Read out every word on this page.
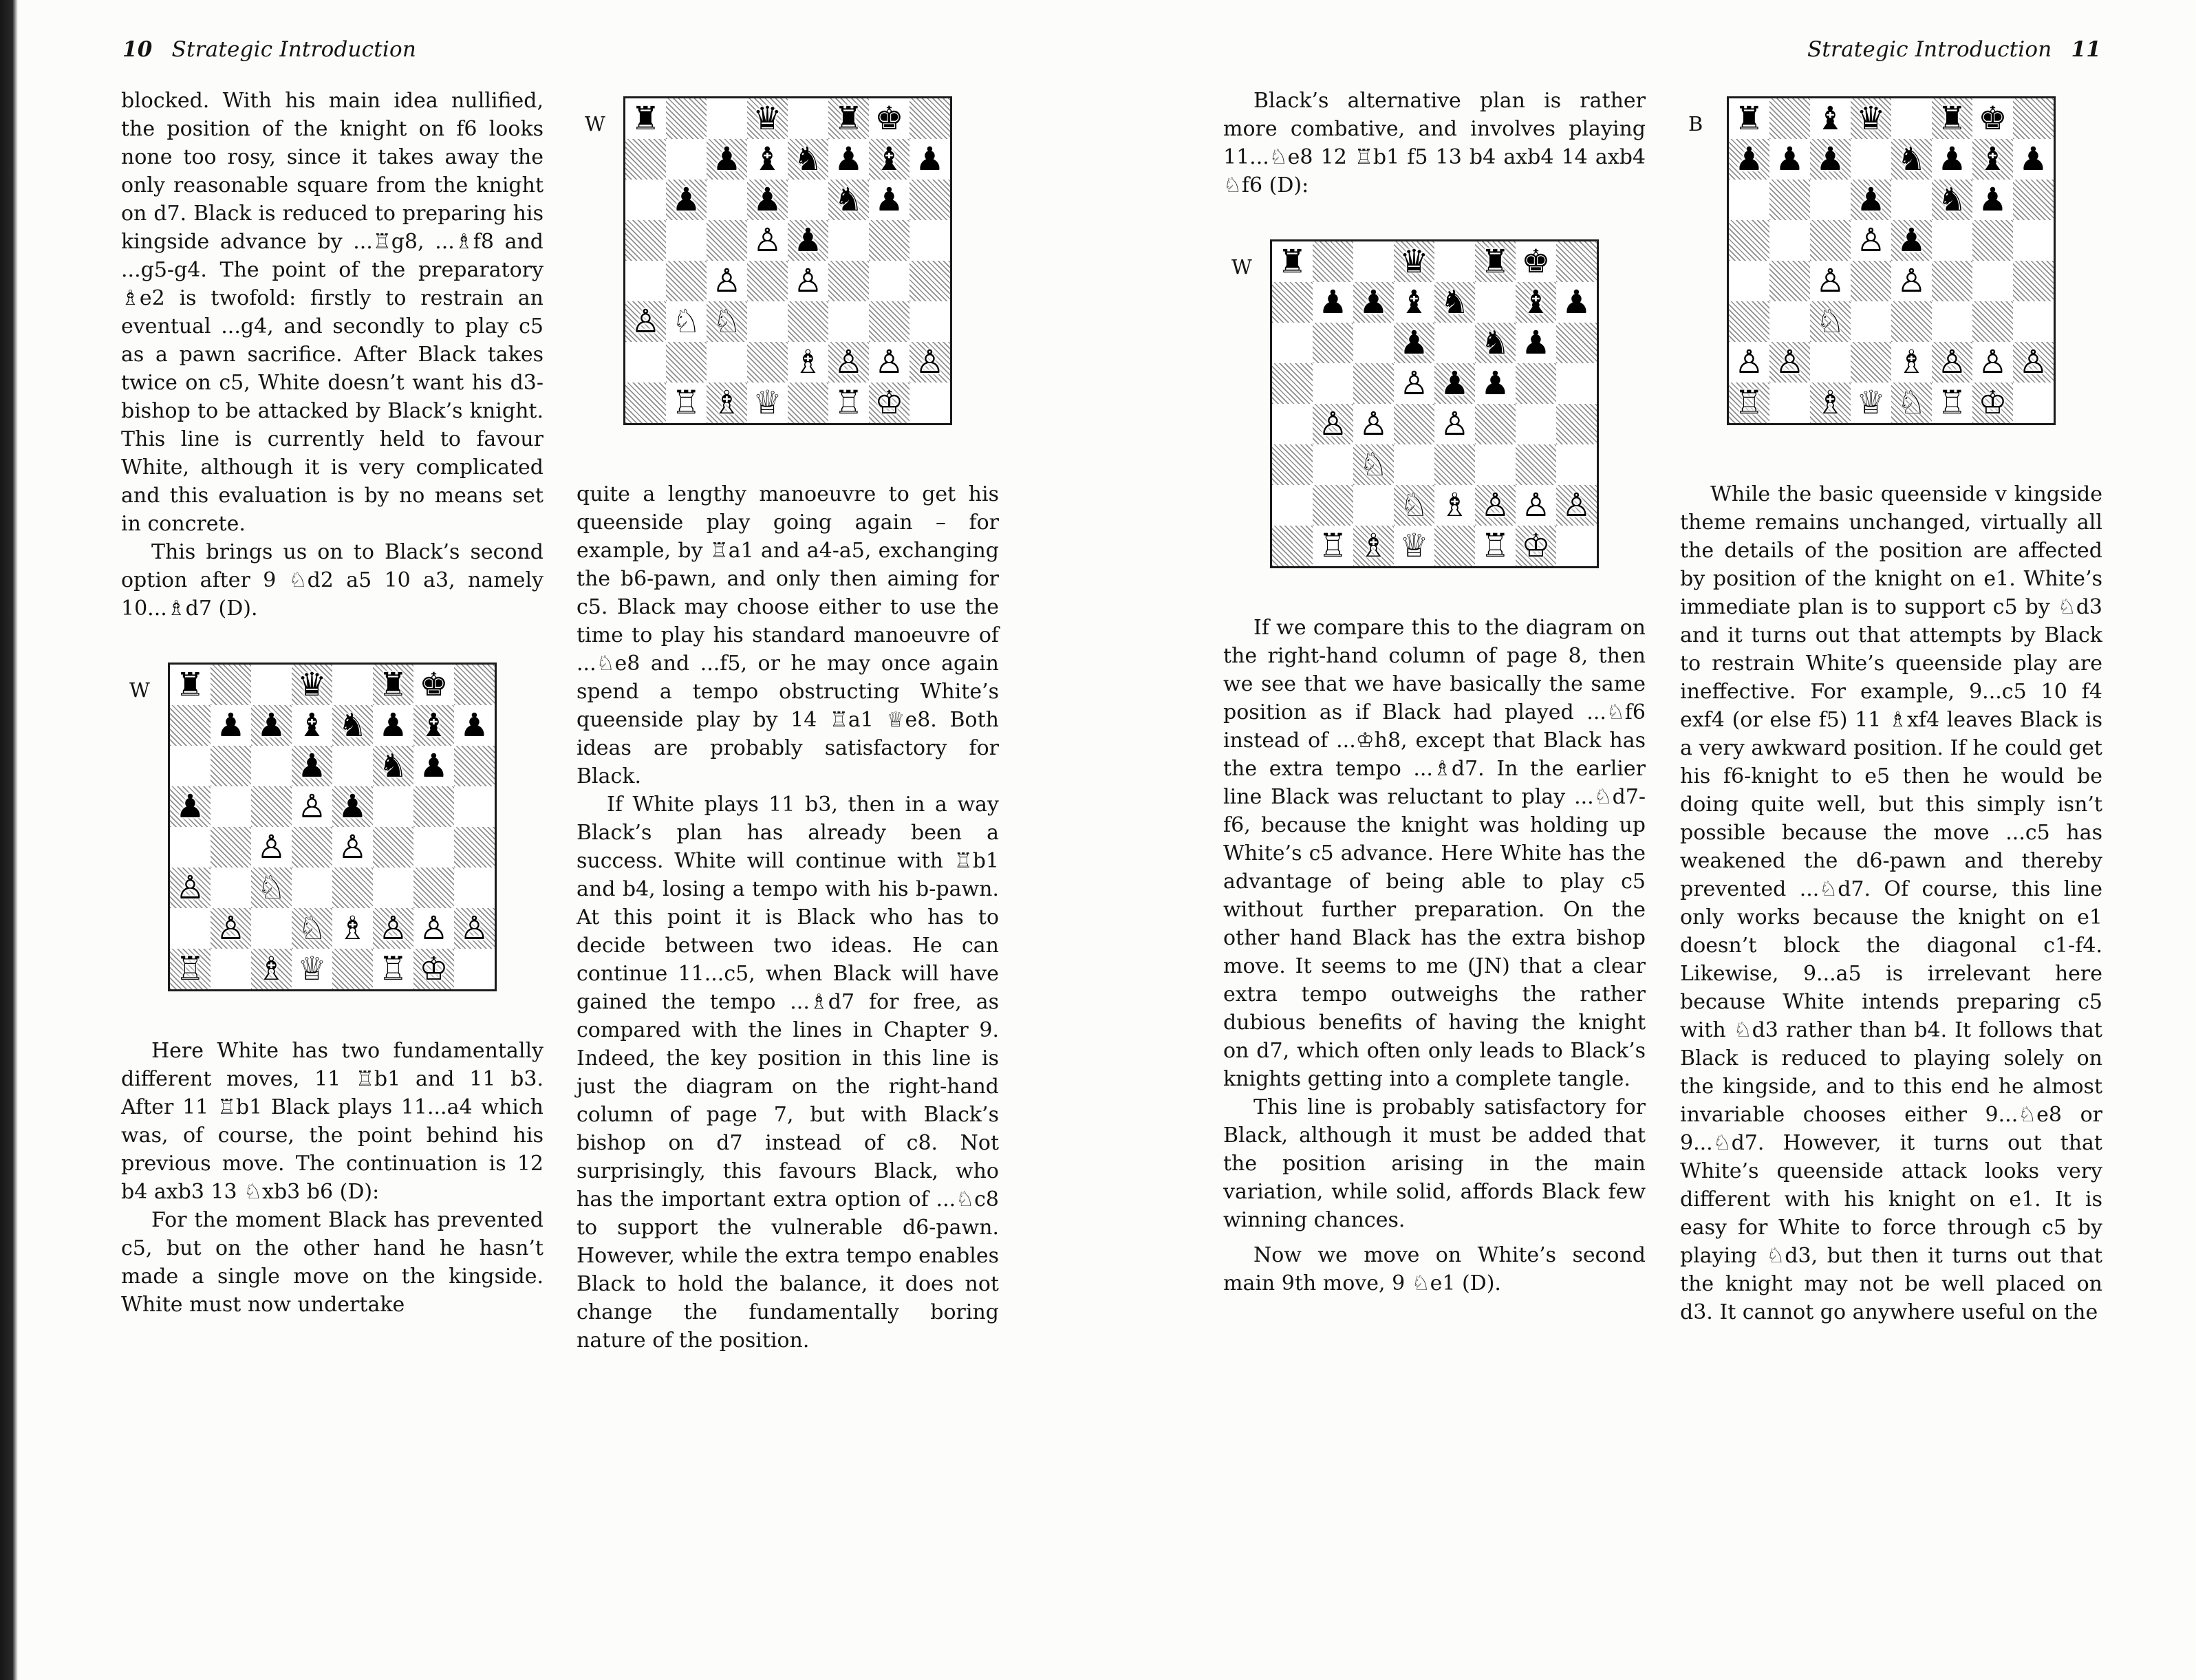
10 Strategic Introduction	Strategic Introduction 11

blocked. With his main idea nullified, the position of the knight on f6 looks none too rosy, since it takes away the only reasonable square from the knight on d7. Black is reduced to preparing his kingside advance by ...♖g8, ...♗f8 and ...g5-g4. The point of the preparatory ♗e2 is twofold: firstly to restrain an eventual ...g4, and secondly to play c5 as a pawn sacrifice. After Black takes twice on c5, White doesn’t want his d3-bishop to be attacked by Black’s knight. This line is currently held to favour White, although it is very complicated and this evaluation is by no means set in concrete.

This brings us on to Black’s second option after 9 ♘d2 a5 10 a3, namely 10...♗d7 (D).

W ♜	♛ ♜ ♚
♟ ♟ ♝ ♞ ♟ ♝ ♟
♟ ♞ ♟
♟	♙ ♟
♙ ♙
♙ ♘
♙ ♘ ♗ ♙ ♙ ♙
♖ ♗ ♕ ♖ ♔

Here White has two fundamentally different moves, 11 ♖b1 and 11 b3. After 11 ♖b1 Black plays 11...a4 which was, of course, the point behind his previous move. The continuation is 12 b4 axb3 13 ♘xb3 b6 (D):

For the moment Black has prevented c5, but on the other hand he hasn’t made a single move on the kingside. White must now undertake

W ♜	♛ ♜ ♚
♟ ♝ ♞ ♟ ♝ ♟
♟ ♟ ♞ ♟
♙ ♟
♙ ♙
♙ ♘ ♘
♗ ♙ ♙ ♙
♖ ♗ ♕ ♖ ♔

quite a lengthy manoeuvre to get his queenside play going again – for example, by ♖a1 and a4-a5, exchanging the b6-pawn, and only then aiming for c5. Black may choose either to use the time to play his standard manoeuvre of ...♘e8 and ...f5, or he may once again spend a tempo obstructing White’s queenside play by 14 ♖a1 ♕e8. Both ideas are probably satisfactory for Black.

If White plays 11 b3, then in a way Black’s plan has already been a success. White will continue with ♖b1 and b4, losing a tempo with his b-pawn. At this point it is Black who has to decide between two ideas. He can continue 11...c5, when Black will have gained the tempo ...♗d7 for free, as compared with the lines in Chapter 9. Indeed, the key position in this line is just the diagram on the right-hand column of page 7, but with Black’s bishop on d7 instead of c8. Not surprisingly, this favours Black, who has the important extra option of ...♘c8 to support the vulnerable d6-pawn. However, while the extra tempo enables Black to hold the balance, it does not change the fundamentally boring nature of the position.

Black’s alternative plan is rather more combative, and involves playing 11...♘e8 12 ♖b1 f5 13 b4 axb4 14 axb4 ♘f6 (D):

W ♜	♛ ♜ ♚
♟ ♟ ♝ ♞ ♝ ♟
♟ ♞ ♟
♙ ♟ ♟
♙ ♙ ♙
♘
♘ ♗ ♙ ♙ ♙
♖ ♗ ♕ ♖ ♔

If we compare this to the diagram on the right-hand column of page 8, then we see that we have basically the same position as if Black had played ...♘f6 instead of ...♔h8, except that Black has the extra tempo ...♗d7. In the earlier line Black was reluctant to play ...♘d7-f6, because the knight was holding up White’s c5 advance. Here White has the advantage of being able to play c5 without further preparation. On the other hand Black has the extra bishop move. It seems to me (JN) that a clear extra tempo outweighs the rather dubious benefits of having the knight on d7, which often only leads to Black’s knights getting into a complete tangle.

This line is probably satisfactory for Black, although it must be added that the position arising in the main variation, while solid, affords Black few winning chances.

Now we move on White’s second main 9th move, 9 ♘e1 (D).

B ♜ ♝ ♛ ♜ ♚
♟ ♟ ♟ ♞ ♟ ♝ ♟
♟ ♞ ♟
♙ ♟
♙ ♙
♘
♙ ♙	♗ ♙ ♙ ♙
♖ ♗ ♕ ♘ ♖ ♔

While the basic queenside v kingside theme remains unchanged, virtually all the details of the position are affected by position of the knight on e1. White’s immediate plan is to support c5 by ♘d3 and it turns out that attempts by Black to restrain White’s queenside play are ineffective. For example, 9...c5 10 f4 exf4 (or else f5) 11 ♗xf4 leaves Black is a very awkward position. If he could get his f6-knight to e5 then he would be doing quite well, but this simply isn’t possible because the move ...c5 has weakened the d6-pawn and thereby prevented ...♘d7. Of course, this line only works because the knight on e1 doesn’t block the diagonal c1-f4. Likewise, 9...a5 is irrelevant here because White intends preparing c5 with ♘d3 rather than b4. It follows that Black is reduced to playing solely on the kingside, and to this end he almost invariable chooses either 9...♘e8 or 9...♘d7. However, it turns out that White’s queenside attack looks very different with his knight on e1. It is easy for White to force through c5 by playing ♘d3, but then it turns out that the knight may not be well placed on d3. It cannot go anywhere useful on the
